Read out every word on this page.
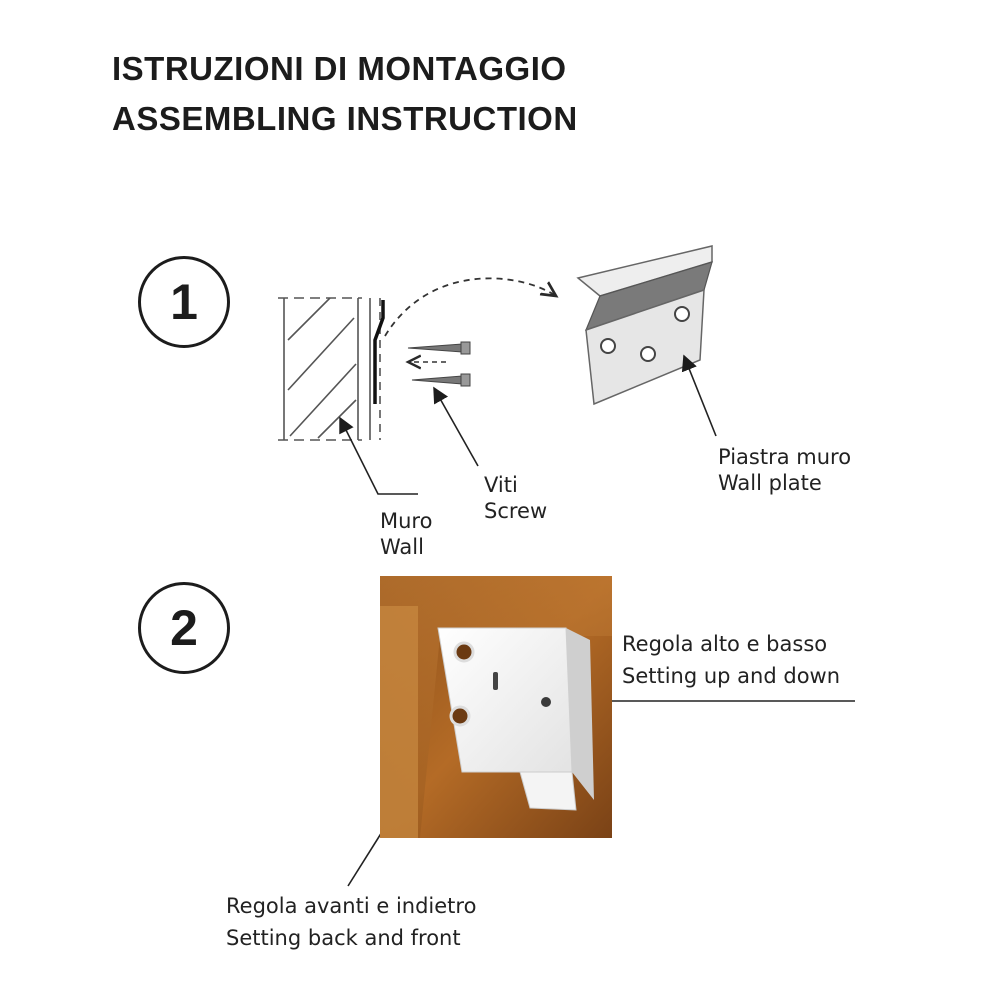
ISTRUZIONI DI MONTAGGIO
ASSEMBLING INSTRUCTION
1
2
Muro
Wall
Viti
Screw
Piastra muro
Wall plate
Regola alto e basso
Setting up and down
Regola avanti e indietro
Setting back and front
